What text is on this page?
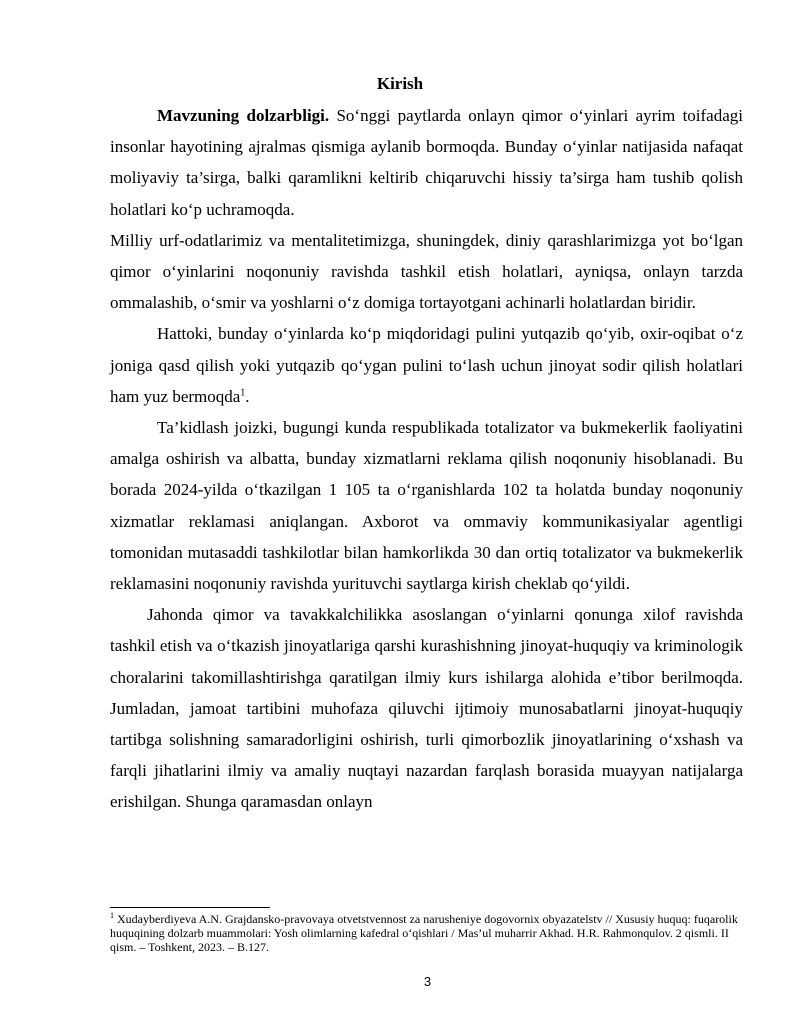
Kirish

Mavzuning dolzarbligi. So‘nggi paytlarda onlayn qimor o‘yinlari ayrim toifadagi insonlar hayotining ajralmas qismiga aylanib bormoqda. Bunday o‘yinlar natijasida nafaqat moliyaviy ta’sirga, balki qaramlikni keltirib chiqaruvchi hissiy ta’sirga ham tushib qolish holatlari ko‘p uchramoqda.

Milliy urf-odatlarimiz va mentalitetimizga, shuningdek, diniy qarashlarimizga yot bo‘lgan qimor o‘yinlarini noqonuniy ravishda tashkil etish holatlari, ayniqsa, onlayn tarzda ommalashib, o‘smir va yoshlarni o‘z domiga tortayotgani achinarli holatlardan biridir.

Hattoki, bunday o‘yinlarda ko‘p miqdoridagi pulini yutqazib qo‘yib, oxir-oqibat o‘z joniga qasd qilish yoki yutqazib qo‘ygan pulini to‘lash uchun jinoyat sodir qilish holatlari ham yuz bermoqda$^1$.

Ta’kidlash joizki, bugungi kunda respublikada totalizator va bukmekerlik faoliyatini amalga oshirish va albatta, bunday xizmatlarni reklama qilish noqonuniy hisoblanadi. Bu borada 2024-yilda o‘tkazilgan 1 105 ta o‘rganishlarda 102 ta holatda bunday noqonuniy xizmatlar reklamasi aniqlangan. Axborot va ommaviy kommunikasiyalar agentligi tomonidan mutasaddi tashkilotlar bilan hamkorlikda 30 dan ortiq totalizator va bukmekerlik reklamasini noqonuniy ravishda yurituvchi saytlarga kirish cheklab qo‘yildi.

Jahonda qimor va tavakkalchilikka asoslangan o‘yinlarni qonunga xilof ravishda tashkil etish va o‘tkazish jinoyatlariga qarshi kurashishning jinoyat-huquqiy va kriminologik choralarini takomillashtirishga qaratilgan ilmiy kurs ishilarga alohida e’tibor berilmoqda. Jumladan, jamoat tartibini muhofaza qiluvchi ijtimoiy munosabatlarni jinoyat-huquqiy tartibga solishning samaradorligini oshirish, turli qimorbozlik jinoyatlarining o‘xshash va farqli jihatlarini ilmiy va amaliy nuqtayi nazardan farqlash borasida muayyan natijalarga erishilgan. Shunga qaramasdan onlayn

$^1$ Xudayberdiyeva A.N. Grajdansko-pravovaya otvetstvennost za narusheniye dogovornix obyazatelstv // Xususiy huquq: fuqarolik huquqining dolzarb muammolari: Yosh olimlarning kafedral o‘qishlari / Mas’ul muharrir Akhad. H.R. Rahmonqulov. 2 qismli. II qism. – Toshkent, 2023. – B.127.
3
